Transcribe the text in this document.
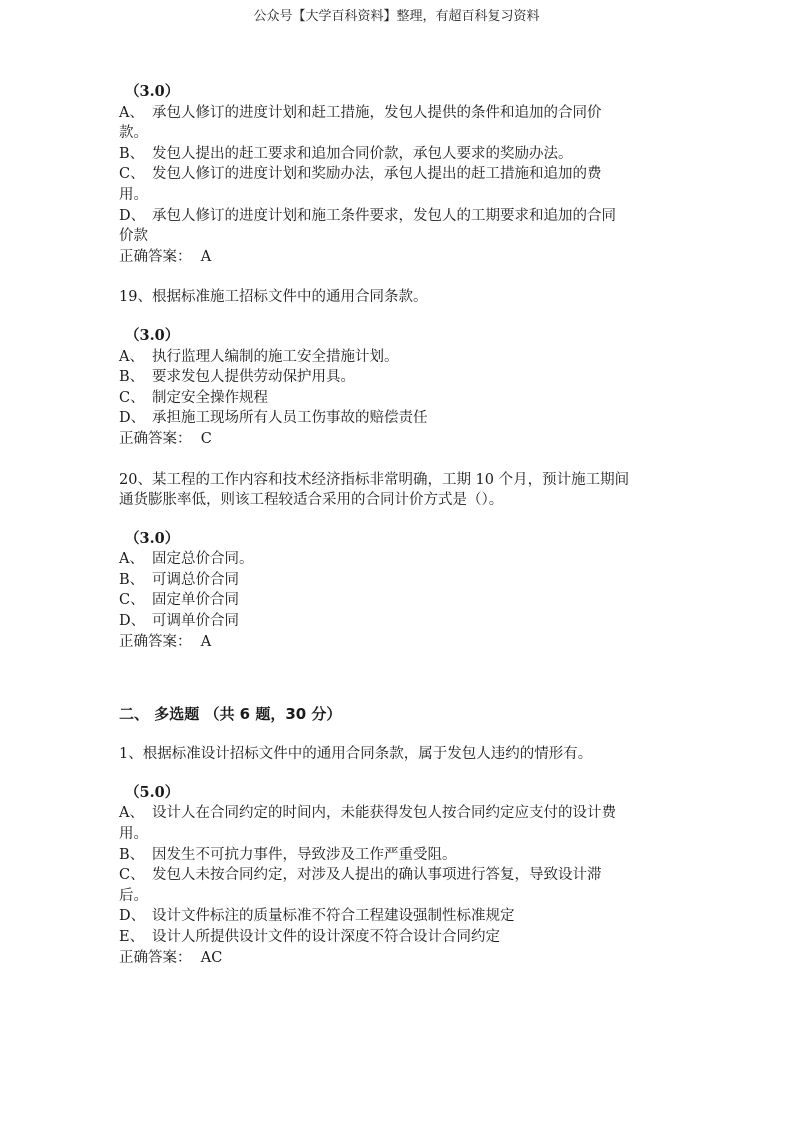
公众号【大学百科资料】整理，有超百科复习资料
（3.0）
A、 承包人修订的进度计划和赶工措施，发包人提供的条件和追加的合同价
款。
B、 发包人提出的赶工要求和追加合同价款，承包人要求的奖励办法。
C、 发包人修订的进度计划和奖励办法，承包人提出的赶工措施和追加的费
用。
D、 承包人修订的进度计划和施工条件要求，发包人的工期要求和追加的合同
价款
正确答案： A
19、根据标准施工招标文件中的通用合同条款。
（3.0）
A、 执行监理人编制的施工安全措施计划。
B、 要求发包人提供劳动保护用具。
C、 制定安全操作规程
D、 承担施工现场所有人员工伤事故的赔偿责任
正确答案： C
20、某工程的工作内容和技术经济指标非常明确，工期 10 个月，预计施工期间
通货膨胀率低，则该工程较适合采用的合同计价方式是（）。
（3.0）
A、 固定总价合同。
B、 可调总价合同
C、 固定单价合同
D、 可调单价合同
正确答案： A
二、 多选题 （共 6 题，30 分）
1、根据标准设计招标文件中的通用合同条款，属于发包人违约的情形有。
（5.0）
A、 设计人在合同约定的时间内，未能获得发包人按合同约定应支付的设计费
用。
B、 因发生不可抗力事件，导致涉及工作严重受阻。
C、 发包人未按合同约定，对涉及人提出的确认事项进行答复，导致设计滞
后。
D、 设计文件标注的质量标准不符合工程建设强制性标准规定
E、 设计人所提供设计文件的设计深度不符合设计合同约定
正确答案： AC
